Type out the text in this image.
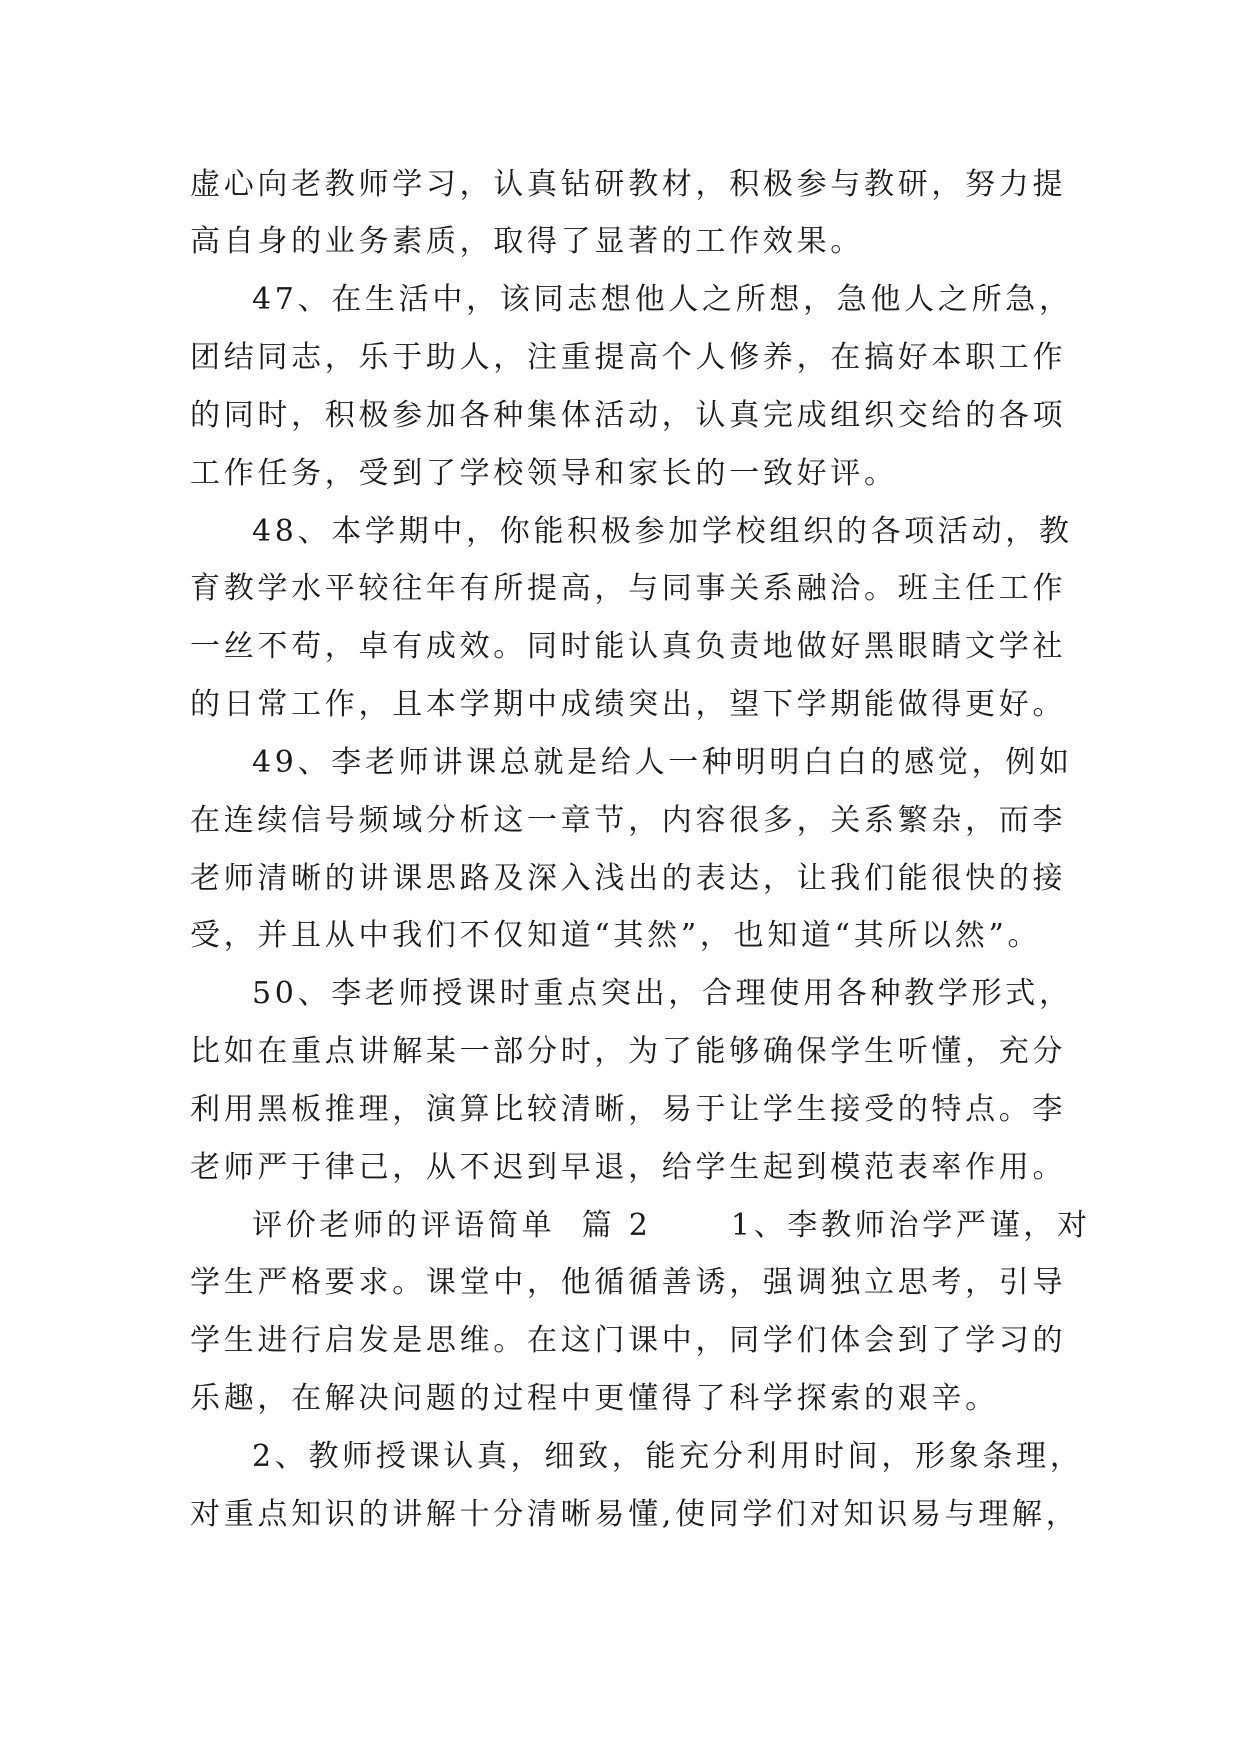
虚心向老教师学习，认真钻研教材，积极参与教研，努力提
高自身的业务素质，取得了显著的工作效果。
47、在生活中，该同志想他人之所想，急他人之所急，
团结同志，乐于助人，注重提高个人修养，在搞好本职工作
的同时，积极参加各种集体活动，认真完成组织交给的各项
工作任务，受到了学校领导和家长的一致好评。
48、本学期中，你能积极参加学校组织的各项活动，教
育教学水平较往年有所提高，与同事关系融洽。班主任工作
一丝不苟，卓有成效。同时能认真负责地做好黑眼睛文学社
的日常工作，且本学期中成绩突出，望下学期能做得更好。
49、李老师讲课总就是给人一种明明白白的感觉，例如
在连续信号频域分析这一章节，内容很多，关系繁杂，而李
老师清晰的讲课思路及深入浅出的表达，让我们能很快的接
受，并且从中我们不仅知道“其然”，也知道“其所以然”。
50、李老师授课时重点突出，合理使用各种教学形式，
比如在重点讲解某一部分时，为了能够确保学生听懂，充分
利用黑板推理，演算比较清晰，易于让学生接受的特点。李
老师严于律己，从不迟到早退，给学生起到模范表率作用。
评价老师的评语简单  篇 2      1、李教师治学严谨，对
学生严格要求。课堂中，他循循善诱，强调独立思考，引导
学生进行启发是思维。在这门课中，同学们体会到了学习的
乐趣，在解决问题的过程中更懂得了科学探索的艰辛。
2、教师授课认真，细致，能充分利用时间，形象条理，
对重点知识的讲解十分清晰易懂,使同学们对知识易与理解，
